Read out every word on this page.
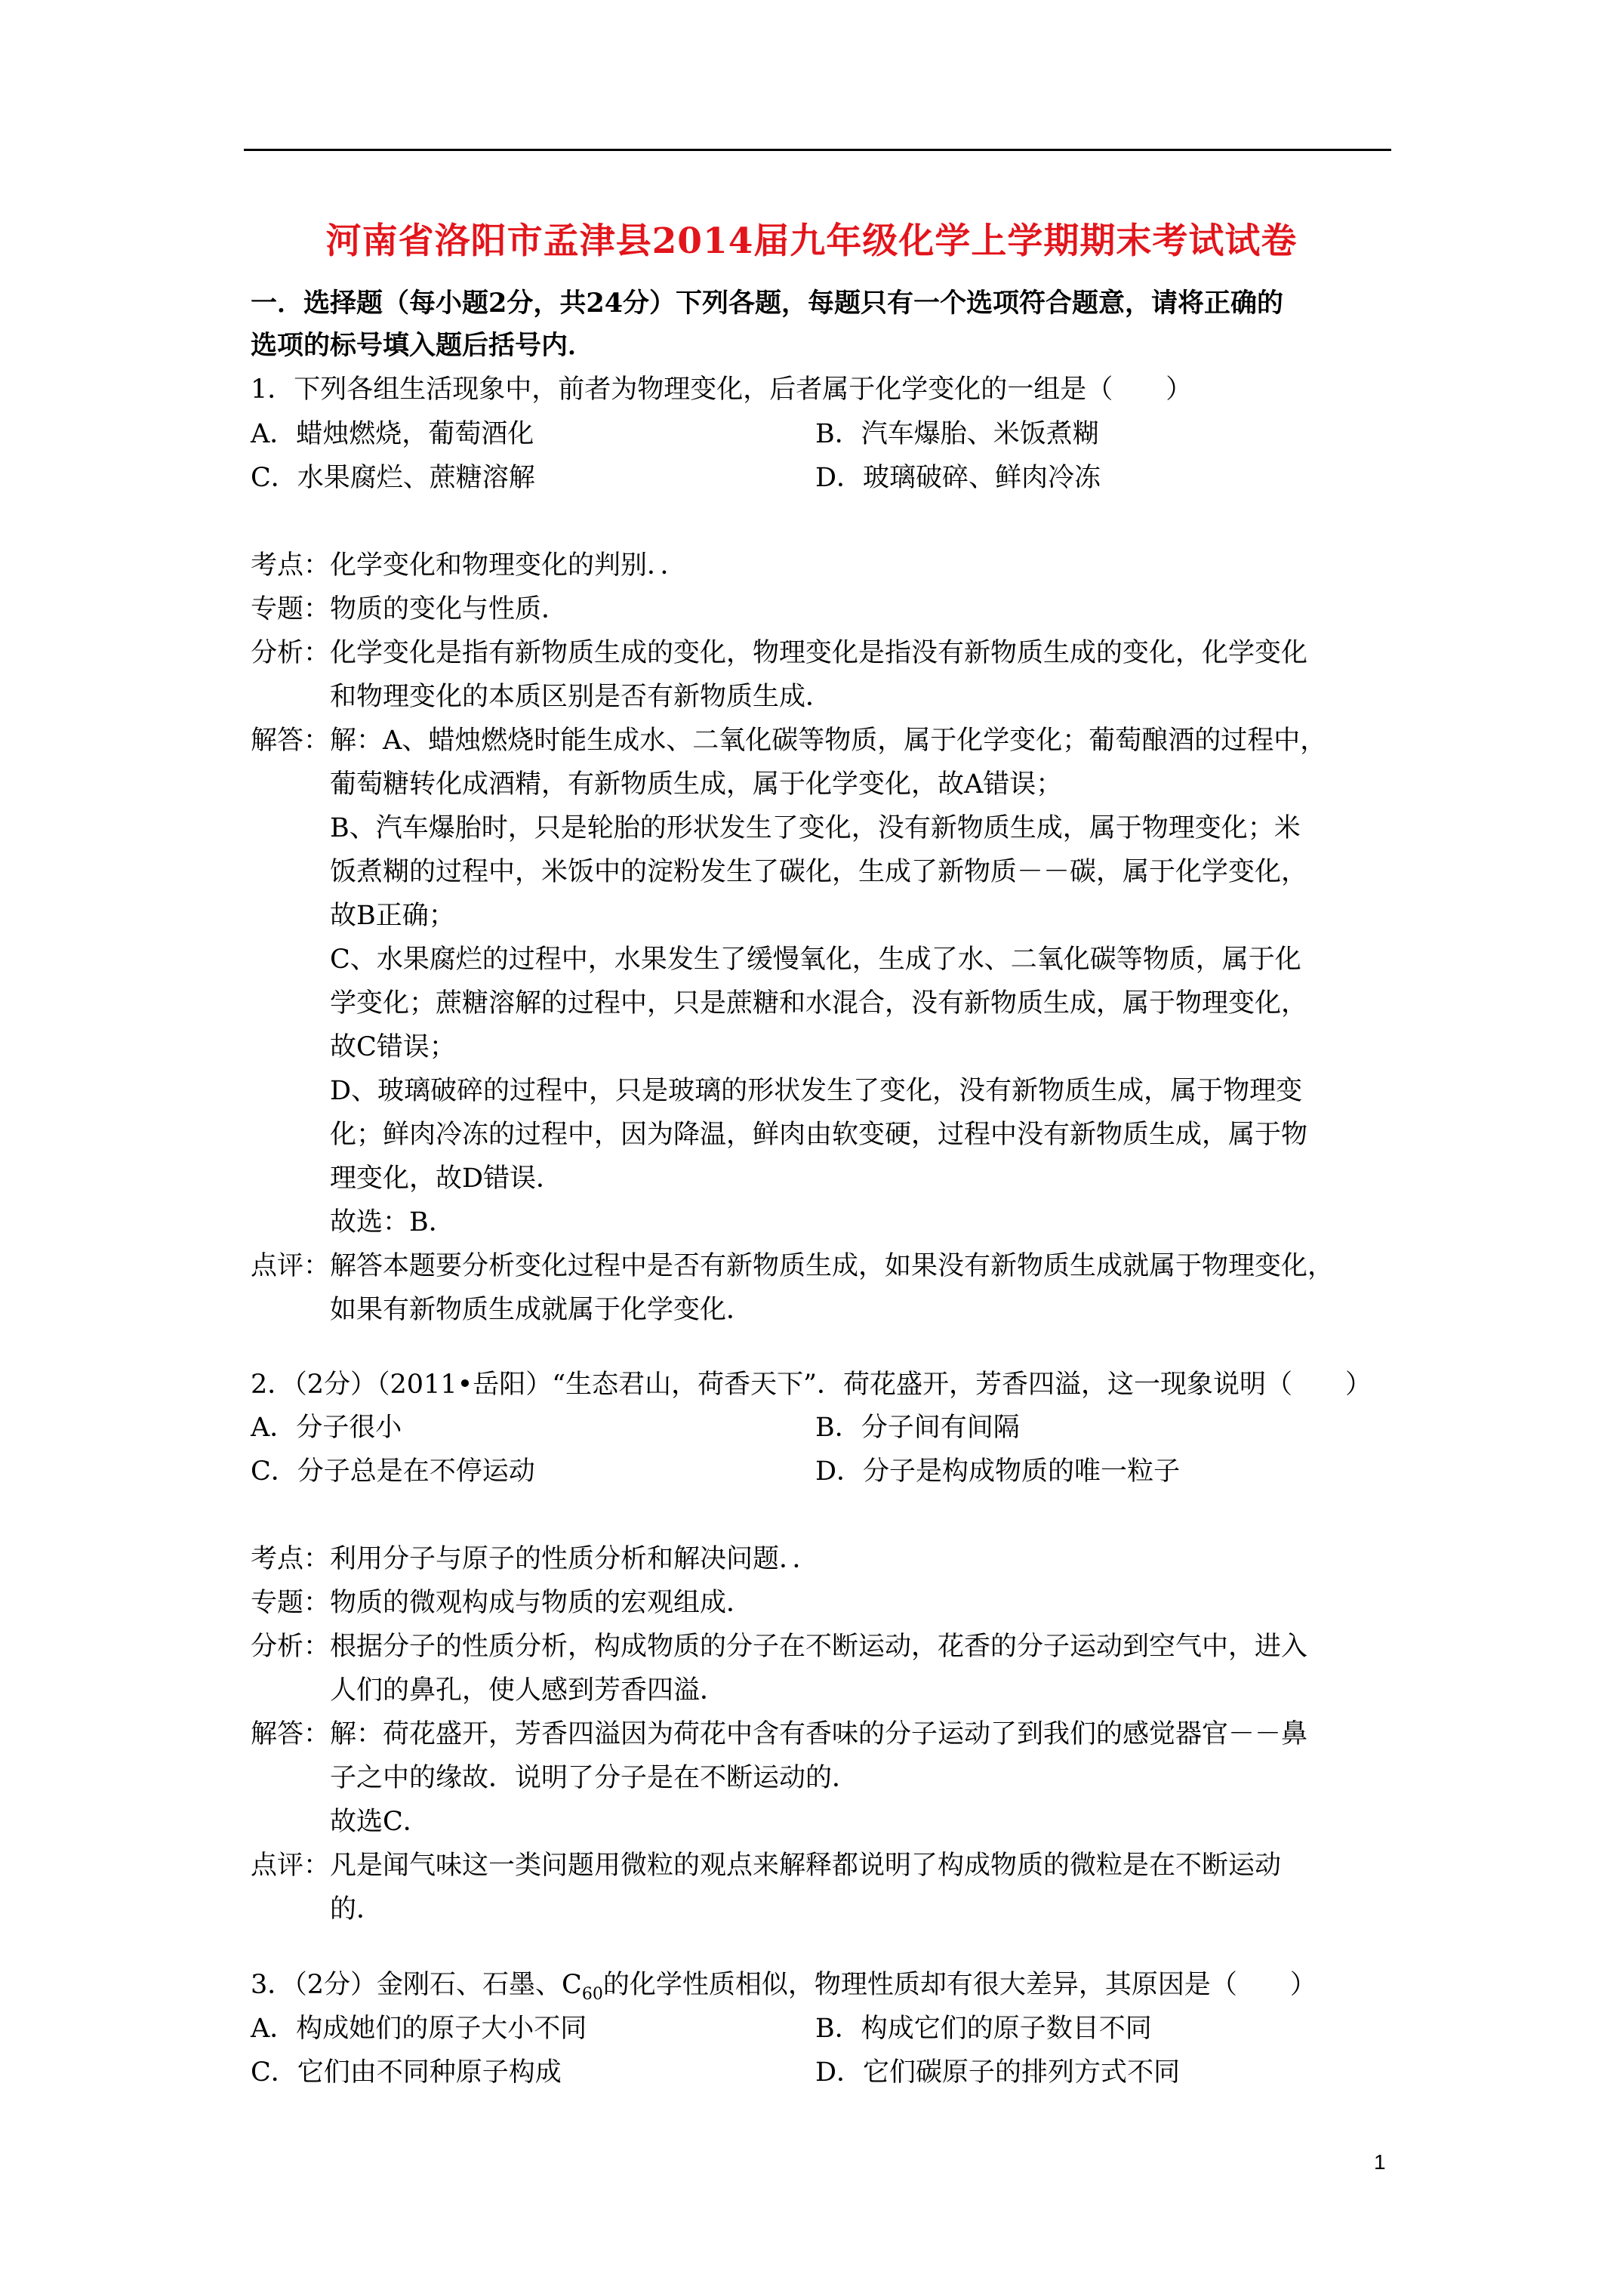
河南省洛阳市孟津县2014届九年级化学上学期期末考试试卷
一．选择题（每小题2分，共24分）下列各题，每题只有一个选项符合题意，请将正确的
选项的标号填入题后括号内．
1．下列各组生活现象中，前者为物理变化，后者属于化学变化的一组是（　　）
A．蜡烛燃烧，葡萄酒化	B．汽车爆胎、米饭煮糊
C．水果腐烂、蔗糖溶解	D．玻璃破碎、鲜肉冷冻
考点：化学变化和物理变化的判别．．
专题：物质的变化与性质．
分析：化学变化是指有新物质生成的变化，物理变化是指没有新物质生成的变化，化学变化
和物理变化的本质区别是否有新物质生成．
解答：解：A、蜡烛燃烧时能生成水、二氧化碳等物质，属于化学变化；葡萄酿酒的过程中，
葡萄糖转化成酒精，有新物质生成，属于化学变化，故A错误；
B、汽车爆胎时，只是轮胎的形状发生了变化，没有新物质生成，属于物理变化；米
饭煮糊的过程中，米饭中的淀粉发生了碳化，生成了新物质－－碳，属于化学变化，
故B正确；
C、水果腐烂的过程中，水果发生了缓慢氧化，生成了水、二氧化碳等物质，属于化
学变化；蔗糖溶解的过程中，只是蔗糖和水混合，没有新物质生成，属于物理变化，
故C错误；
D、玻璃破碎的过程中，只是玻璃的形状发生了变化，没有新物质生成，属于物理变
化；鲜肉冷冻的过程中，因为降温，鲜肉由软变硬，过程中没有新物质生成，属于物
理变化，故D错误．
故选：B．
点评：解答本题要分析变化过程中是否有新物质生成，如果没有新物质生成就属于物理变化，
如果有新物质生成就属于化学变化．
2．（2分）（2011•岳阳）“生态君山，荷香天下”．荷花盛开，芳香四溢，这一现象说明（　　）
A．分子很小	B．分子间有间隔
C．分子总是在不停运动	D．分子是构成物质的唯一粒子
考点：利用分子与原子的性质分析和解决问题．．
专题：物质的微观构成与物质的宏观组成．
分析：根据分子的性质分析，构成物质的分子在不断运动，花香的分子运动到空气中，进入
人们的鼻孔，使人感到芳香四溢．
解答：解：荷花盛开，芳香四溢因为荷花中含有香味的分子运动了到我们的感觉器官－－鼻
子之中的缘故．说明了分子是在不断运动的．
故选C．
点评：凡是闻气味这一类问题用微粒的观点来解释都说明了构成物质的微粒是在不断运动
的．
3．（2分）金刚石、石墨、$C_{60}$的化学性质相似，物理性质却有很大差异，其原因是（　　）
A．构成她们的原子大小不同	B．构成它们的原子数目不同
C．它们由不同种原子构成	D．它们碳原子的排列方式不同
1
